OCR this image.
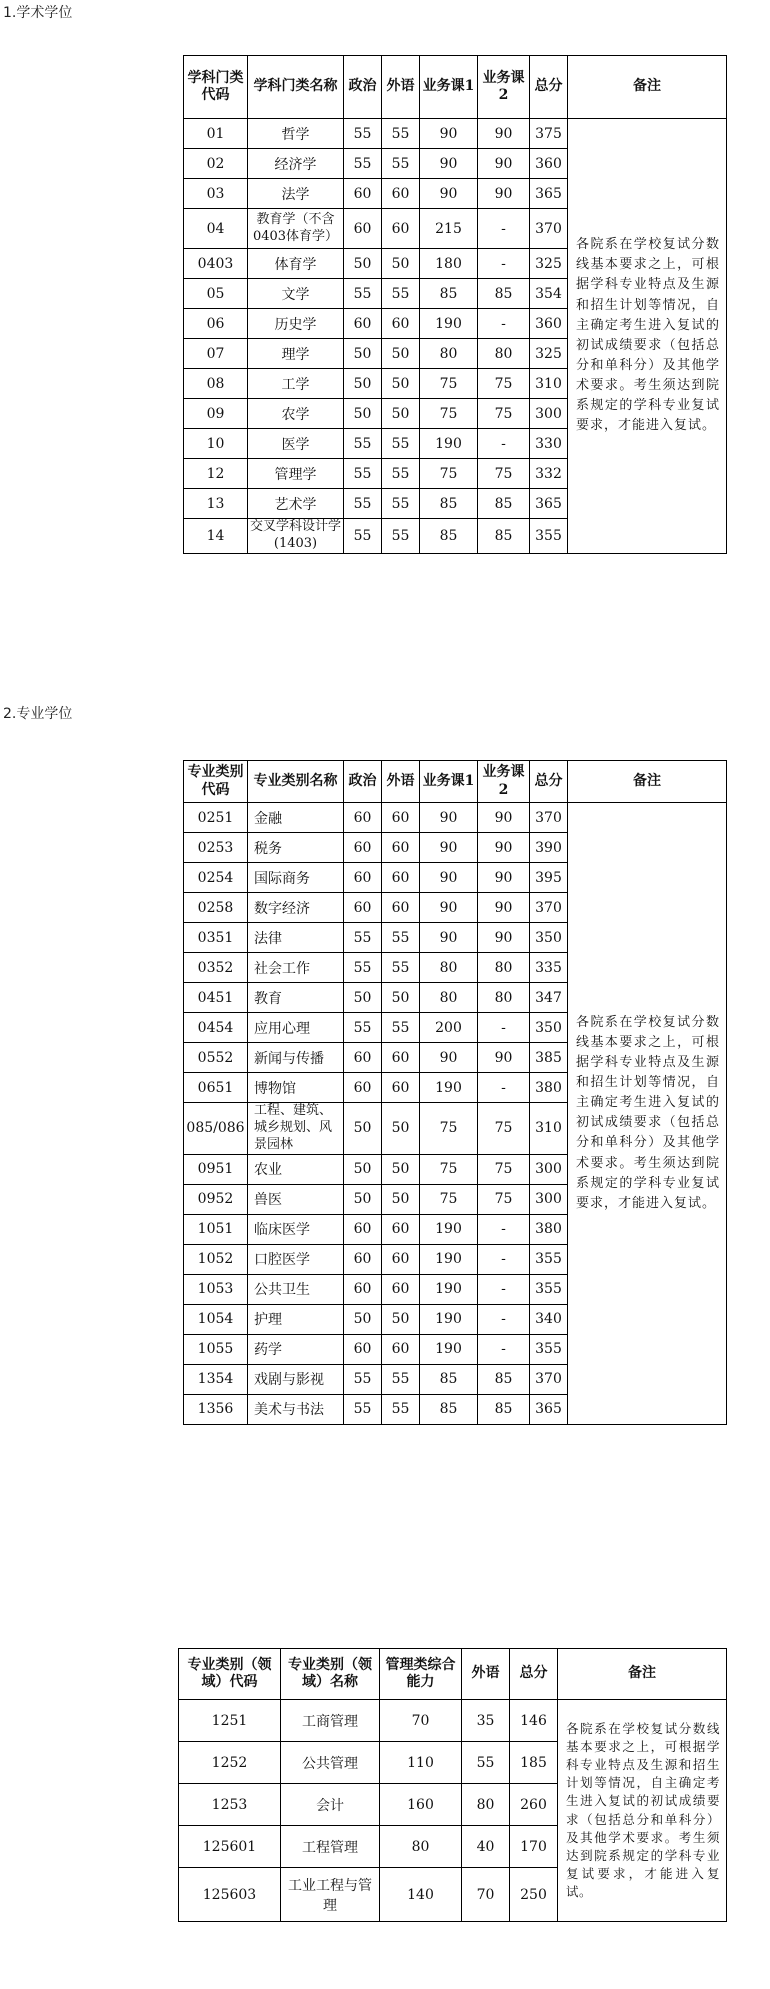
1.学术学位
学科门类代码	学科门类名称	政治	外语	业务课1	业务课2	总分	备注
01	哲学	55	55	90	90	375	各院系在学校复试分数线基本要求之上，可根据学科专业特点及生源和招生计划等情况，自主确定考生进入复试的初试成绩要求（包括总分和单科分）及其他学术要求。考生须达到院系规定的学科专业复试要求，才能进入复试。
02	经济学	55	55	90	90	360	
03	法学	60	60	90	90	365	
04	教育学（不含0403体育学）	60	60	215	-	370	
0403	体育学	50	50	180	-	325	
05	文学	55	55	85	85	354	
06	历史学	60	60	190	-	360	
07	理学	50	50	80	80	325	
08	工学	50	50	75	75	310	
09	农学	50	50	75	75	300	
10	医学	55	55	190	-	330	
12	管理学	55	55	75	75	332	
13	艺术学	55	55	85	85	365	
14	交叉学科设计学(1403)	55	55	85	85	355	
2.专业学位
专业类别代码	专业类别名称	政治	外语	业务课1	业务课2	总分	备注
0251	金融	60	60	90	90	370	各院系在学校复试分数线基本要求之上，可根据学科专业特点及生源和招生计划等情况，自主确定考生进入复试的初试成绩要求（包括总分和单科分）及其他学术要求。考生须达到院系规定的学科专业复试要求，才能进入复试。
0253	税务	60	60	90	90	390	
0254	国际商务	60	60	90	90	395	
0258	数字经济	60	60	90	90	370	
0351	法律	55	55	90	90	350	
0352	社会工作	55	55	80	80	335	
0451	教育	50	50	80	80	347	
0454	应用心理	55	55	200	-	350	
0552	新闻与传播	60	60	90	90	385	
0651	博物馆	60	60	190	-	380	
085/086	工程、建筑、城乡规划、风景园林	50	50	75	75	310	
0951	农业	50	50	75	75	300	
0952	兽医	50	50	75	75	300	
1051	临床医学	60	60	190	-	380	
1052	口腔医学	60	60	190	-	355	
1053	公共卫生	60	60	190	-	355	
1054	护理	50	50	190	-	340	
1055	药学	60	60	190	-	355	
1354	戏剧与影视	55	55	85	85	370	
1356	美术与书法	55	55	85	85	365	
专业类别（领域）代码	专业类别（领域）名称	管理类综合能力	外语	总分	备注
1251	工商管理	70	35	146	各院系在学校复试分数线基本要求之上，可根据学科专业特点及生源和招生计划等情况，自主确定考生进入复试的初试成绩要求（包括总分和单科分）及其他学术要求。考生须达到院系规定的学科专业复试要求，才能进入复试。
1252	公共管理	110	55	185	
1253	会计	160	80	260	
125601	工程管理	80	40	170	
125603	工业工程与管理	140	70	250	
